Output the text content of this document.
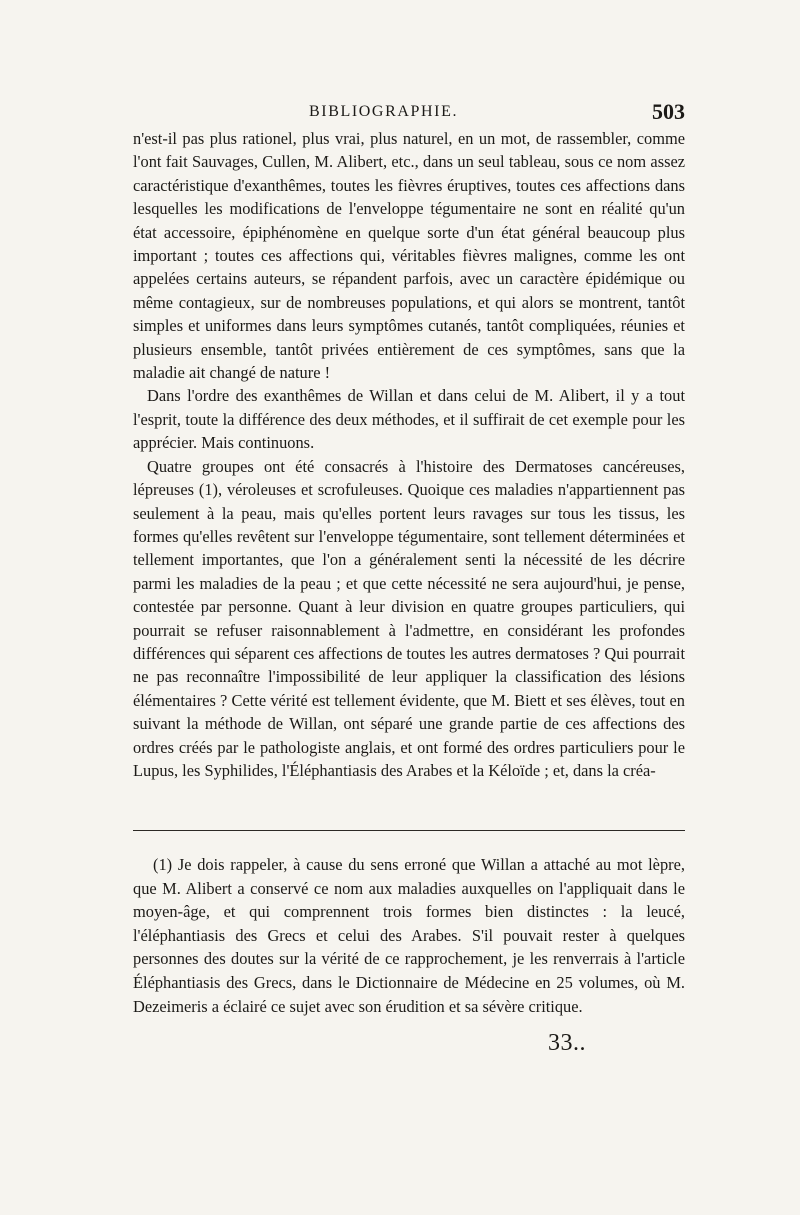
BIBLIOGRAPHIE.	503

n'est-il pas plus rationel, plus vrai, plus naturel, en un mot, de rassembler, comme l'ont fait Sauvages, Cullen, M. Alibert, etc., dans un seul tableau, sous ce nom assez caractéristique d'exanthêmes, toutes les fièvres éruptives, toutes ces affections dans lesquelles les modifications de l'enveloppe tégumentaire ne sont en réalité qu'un état accessoire, épiphénomène en quelque sorte d'un état général beaucoup plus important ; toutes ces affections qui, véritables fièvres malignes, comme les ont appelées certains auteurs, se répandent parfois, avec un caractère épidémique ou même contagieux, sur de nombreuses populations, et qui alors se montrent, tantôt simples et uniformes dans leurs symptômes cutanés, tantôt compliquées, réunies et plusieurs ensemble, tantôt privées entièrement de ces symptômes, sans que la maladie ait changé de nature !

Dans l'ordre des exanthêmes de Willan et dans celui de M. Alibert, il y a tout l'esprit, toute la différence des deux méthodes, et il suffirait de cet exemple pour les apprécier. Mais continuons.

Quatre groupes ont été consacrés à l'histoire des Dermatoses cancéreuses, lépreuses (1), véroleuses et scrofuleuses. Quoique ces maladies n'appartiennent pas seulement à la peau, mais qu'elles portent leurs ravages sur tous les tissus, les formes qu'elles revêtent sur l'enveloppe tégumentaire, sont tellement déterminées et tellement importantes, que l'on a généralement senti la nécessité de les décrire parmi les maladies de la peau ; et que cette nécessité ne sera aujourd'hui, je pense, contestée par personne. Quant à leur division en quatre groupes particuliers, qui pourrait se refuser raisonnablement à l'admettre, en considérant les profondes différences qui séparent ces affections de toutes les autres dermatoses ? Qui pourrait ne pas reconnaître l'impossibilité de leur appliquer la classification des lésions élémentaires ? Cette vérité est tellement évidente, que M. Biett et ses élèves, tout en suivant la méthode de Willan, ont séparé une grande partie de ces affections des ordres créés par le pathologiste anglais, et ont formé des ordres particuliers pour le Lupus, les Syphilides, l'Éléphantiasis des Arabes et la Kéloïde ; et, dans la créa-

(1) Je dois rappeler, à cause du sens erroné que Willan a attaché au mot lèpre, que M. Alibert a conservé ce nom aux maladies auxquelles on l'appliquait dans le moyen-âge, et qui comprennent trois formes bien distinctes : la leucé, l'éléphantiasis des Grecs et celui des Arabes. S'il pouvait rester à quelques personnes des doutes sur la vérité de ce rapprochement, je les renverrais à l'article Éléphantiasis des Grecs, dans le Dictionnaire de Médecine en 25 volumes, où M. Dezeimeris a éclairé ce sujet avec son érudition et sa sévère critique.

33..
